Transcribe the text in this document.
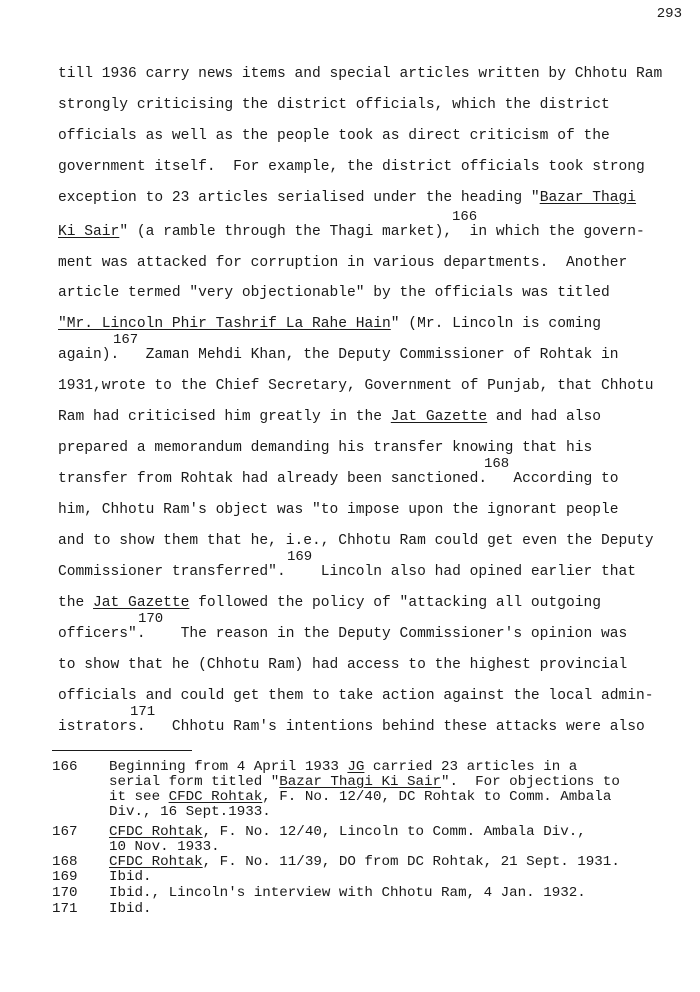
293
till 1936 carry news items and special articles written by Chhotu Ram
strongly criticising the district officials, which the district
officials as well as the people took as direct criticism of the
government itself.  For example, the district officials took strong
exception to 23 articles serialised under the heading "Bazar Thagi
Ki Sair" (a ramble through the Thagi market),  in which the govern-
ment was attacked for corruption in various departments.  Another
article termed "very objectionable" by the officials was titled
"Mr. Lincoln Phir Tashrif La Rahe Hain" (Mr. Lincoln is coming
again).   Zaman Mehdi Khan, the Deputy Commissioner of Rohtak in
1931,wrote to the Chief Secretary, Government of Punjab, that Chhotu
Ram had criticised him greatly in the Jat Gazette and had also
prepared a memorandum demanding his transfer knowing that his
transfer from Rohtak had already been sanctioned.   According to
him, Chhotu Ram's object was "to impose upon the ignorant people
and to show them that he, i.e., Chhotu Ram could get even the Deputy
Commissioner transferred".    Lincoln also had opined earlier that
the Jat Gazette followed the policy of "attacking all outgoing
officers".    The reason in the Deputy Commissioner's opinion was
to show that he (Chhotu Ram) had access to the highest provincial
officials and could get them to take action against the local admin-
istrators.   Chhotu Ram's intentions behind these attacks were also
166
167
168
169
170
171
166 Beginning from 4 April 1933 JG carried 23 articles in a
serial form titled "Bazar Thagi Ki Sair".  For objections to
it see CFDC Rohtak, F. No. 12/40, DC Rohtak to Comm. Ambala
Div., 16 Sept.1933.
167 CFDC Rohtak, F. No. 12/40, Lincoln to Comm. Ambala Div.,
10 Nov. 1933.
168 CFDC Rohtak, F. No. 11/39, DO from DC Rohtak, 21 Sept. 1931.
169 Ibid.
170 Ibid., Lincoln's interview with Chhotu Ram, 4 Jan. 1932.
171 Ibid.
